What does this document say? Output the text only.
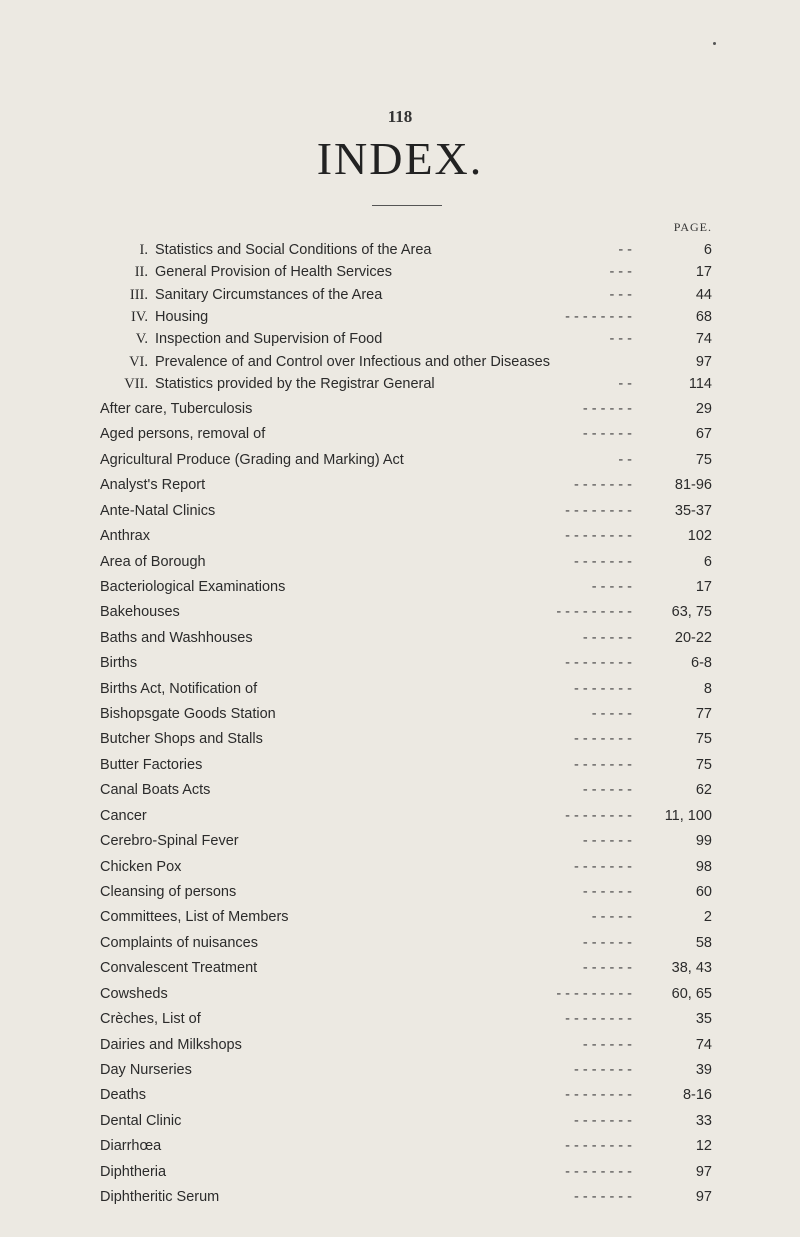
118
INDEX.
PAGE.
I. Statistics and Social Conditions of the Area	- -	6
II. General Provision of Health Services	- - -	17
III. Sanitary Circumstances of the Area	- - -	44
IV. Housing	- - - - - - - -	68
V. Inspection and Supervision of Food	- - -	74
VI. Prevalence of and Control over Infectious and other Diseases	97
VII. Statistics provided by the Registrar General	- -	114
After care, Tuberculosis	- - - - - -	29
Aged persons, removal of	- - - - - -	67
Agricultural Produce (Grading and Marking) Act	- -	75
Analyst's Report	- - - - - - -	81-96
Ante-Natal Clinics	- - - - - - - -	35-37
Anthrax	- - - - - - - -	102
Area of Borough	- - - - - - -	6
Bacteriological Examinations	- - - - -	17
Bakehouses	- - - - - - - - -	63, 75
Baths and Washhouses	- - - - - -	20-22
Births	- - - - - - - -	6-8
Births Act, Notification of	- - - - - - -	8
Bishopsgate Goods Station	- - - - -	77
Butcher Shops and Stalls	- - - - - - -	75
Butter Factories	- - - - - - -	75
Canal Boats Acts	- - - - - -	62
Cancer	- - - - - - - -	11, 100
Cerebro-Spinal Fever	- - - - - -	99
Chicken Pox	- - - - - - -	98
Cleansing of persons	- - - - - -	60
Committees, List of Members	- - - - -	2
Complaints of nuisances	- - - - - -	58
Convalescent Treatment	- - - - - -	38, 43
Cowsheds	- - - - - - - - -	60, 65
Crèches, List of	- - - - - - - -	35
Dairies and Milkshops	- - - - - -	74
Day Nurseries	- - - - - - -	39
Deaths	- - - - - - - -	8-16
Dental Clinic	- - - - - - -	33
Diarrhœa	- - - - - - - -	12
Diphtheria	- - - - - - - -	97
Diphtheritic Serum	- - - - - - -	97
